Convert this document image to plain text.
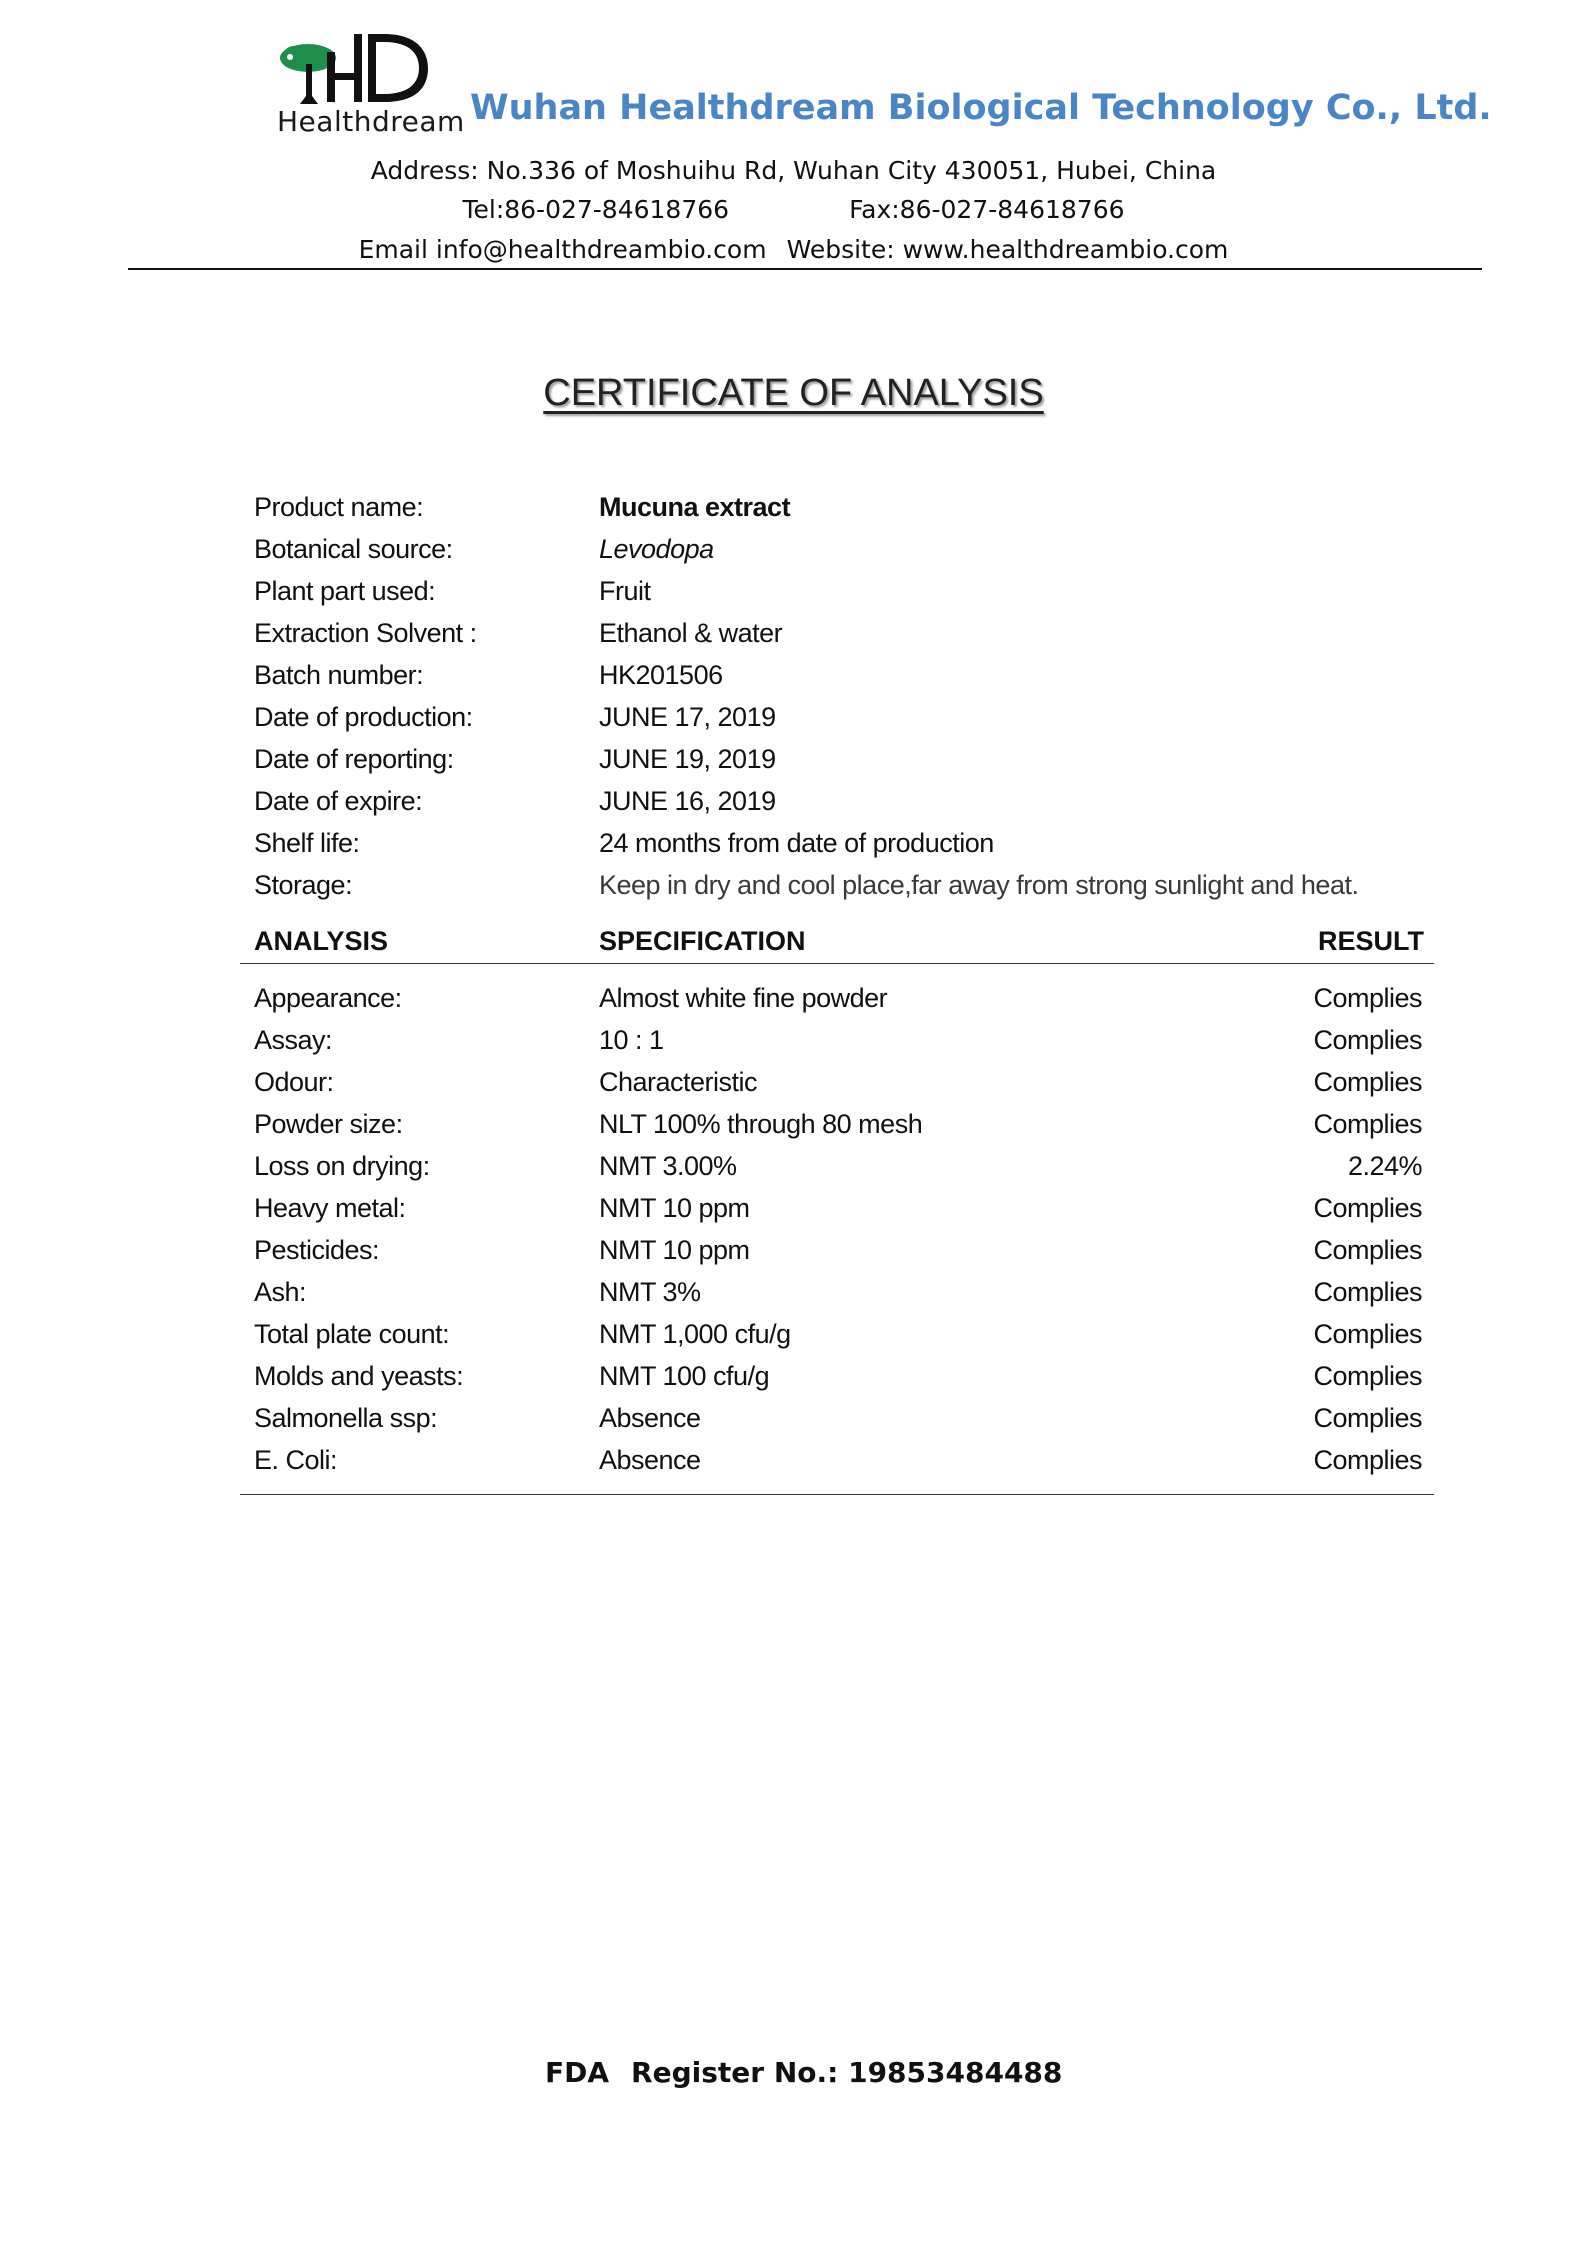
Healthdream Wuhan Healthdream Biological Technology Co., Ltd.
Address: No.336 of Moshuihu Rd, Wuhan City 430051, Hubei, China
Tel:86-027-84618766	Fax:86-027-84618766
Email info@healthdreambio.com Website: www.healthdreambio.com
CERTIFICATE OF ANALYSIS
Product name:	Mucuna extract
Botanical source:	Levodopa
Plant part used:	Fruit
Extraction Solvent :	Ethanol & water
Batch number:	HK201506
Date of production:	JUNE 17, 2019
Date of reporting:	JUNE 19, 2019
Date of expire:	JUNE 16, 2019
Shelf life:	24 months from date of production
Storage:	Keep in dry and cool place,far away from strong sunlight and heat.
ANALYSIS	SPECIFICATION	RESULT
Appearance:	Almost white fine powder	Complies
Assay:	10 : 1	Complies
Odour:	Characteristic	Complies
Powder size:	NLT 100% through 80 mesh	Complies
Loss on drying:	NMT 3.00%	2.24%
Heavy metal:	NMT 10 ppm	Complies
Pesticides:	NMT 10 ppm	Complies
Ash:	NMT 3%	Complies
Total plate count:	NMT 1,000 cfu/g	Complies
Molds and yeasts:	NMT 100 cfu/g	Complies
Salmonella ssp:	Absence	Complies
E. Coli:	Absence	Complies
FDA Register No.: 19853484488
